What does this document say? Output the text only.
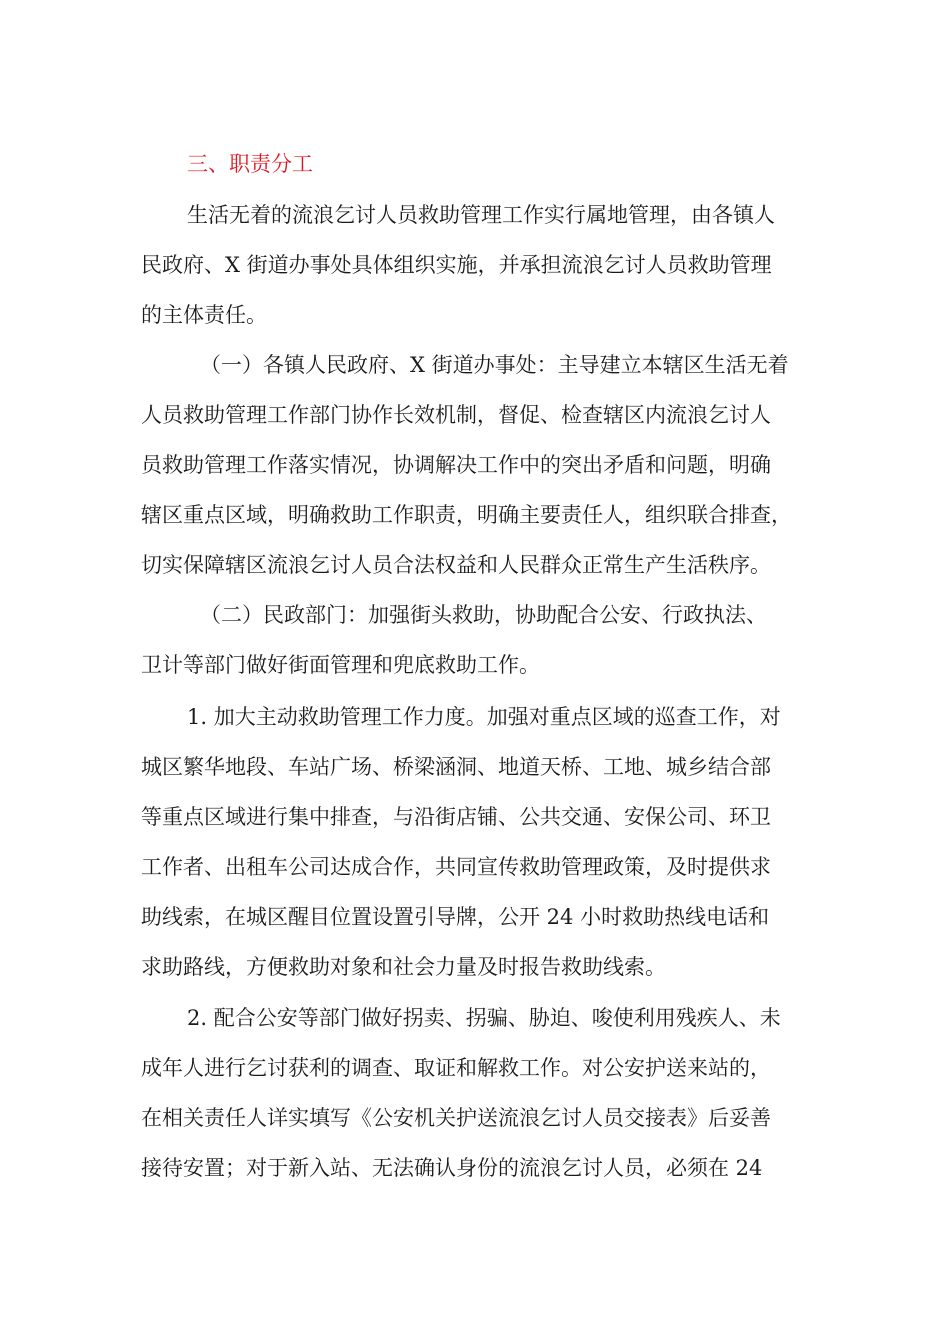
三、职责分工
生活无着的流浪乞讨人员救助管理工作实行属地管理，由各镇人
民政府、X 街道办事处具体组织实施，并承担流浪乞讨人员救助管理
的主体责任。
（一）各镇人民政府、X 街道办事处：主导建立本辖区生活无着
人员救助管理工作部门协作长效机制，督促、检查辖区内流浪乞讨人
员救助管理工作落实情况，协调解决工作中的突出矛盾和问题，明确
辖区重点区域，明确救助工作职责，明确主要责任人，组织联合排查，
切实保障辖区流浪乞讨人员合法权益和人民群众正常生产生活秩序。
（二）民政部门：加强街头救助，协助配合公安、行政执法、
卫计等部门做好街面管理和兜底救助工作。
1. 加大主动救助管理工作力度。加强对重点区域的巡查工作，对
城区繁华地段、车站广场、桥梁涵洞、地道天桥、工地、城乡结合部
等重点区域进行集中排查，与沿街店铺、公共交通、安保公司、环卫
工作者、出租车公司达成合作，共同宣传救助管理政策，及时提供求
助线索，在城区醒目位置设置引导牌，公开 24 小时救助热线电话和
求助路线，方便救助对象和社会力量及时报告救助线索。
2. 配合公安等部门做好拐卖、拐骗、胁迫、唆使利用残疾人、未
成年人进行乞讨获利的调查、取证和解救工作。对公安护送来站的，
在相关责任人详实填写《公安机关护送流浪乞讨人员交接表》后妥善
接待安置；对于新入站、无法确认身份的流浪乞讨人员，必须在 24
